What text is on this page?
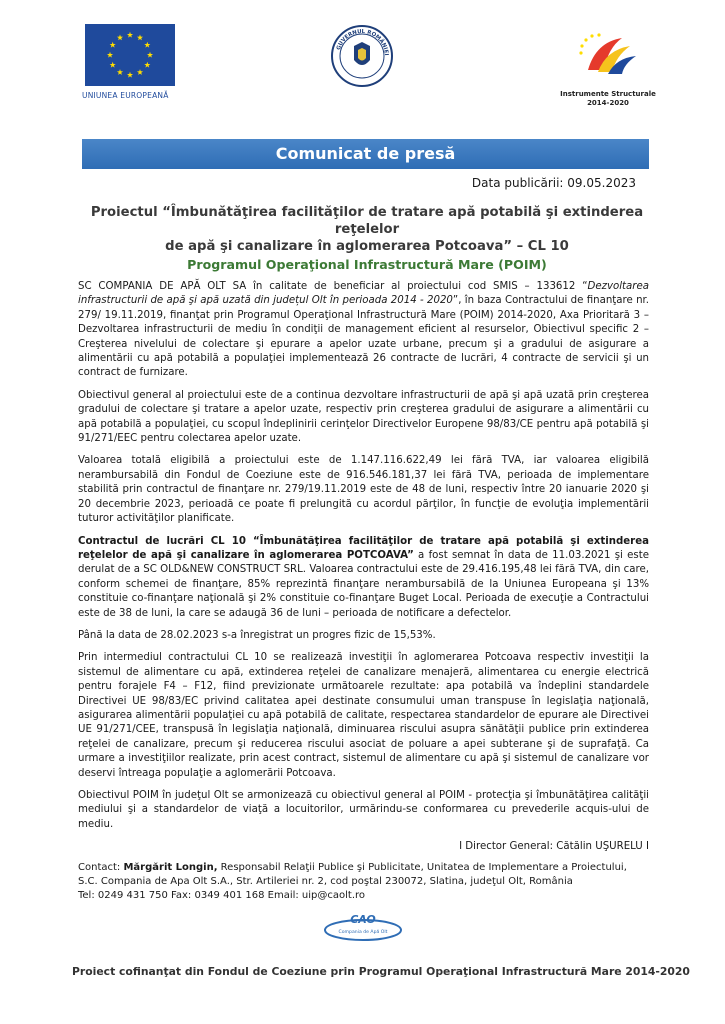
UNIUNEA EUROPEANĂ
GUVERNUL ROMÂNIEI
Instrumente Structurale
2014-2020
Comunicat de presă
Data publicării: 09.05.2023
Proiectul “Îmbunătăţirea facilităţilor de tratare apă potabilă şi extinderea reţelelor
de apă şi canalizare în aglomerarea Potcoava” – CL 10
Programul Operaţional Infrastructură Mare (POIM)

SC COMPANIA DE APĂ OLT SA în calitate de beneficiar al proiectului cod SMIS – 133612 “Dezvoltarea infrastructurii de apă şi apă uzată din județul Olt în perioada 2014 - 2020”, în baza Contractului de finanţare nr. 279/ 19.11.2019, finanţat prin Programul Operaţional Infrastructură Mare (POIM) 2014-2020, Axa Prioritară 3 – Dezvoltarea infrastructurii de mediu în condiţii de management eficient al resurselor, Obiectivul specific 2 – Creşterea nivelului de colectare şi epurare a apelor uzate urbane, precum şi a gradului de asigurare a alimentării cu apă potabilă a populaţiei implementează 26 contracte de lucrări, 4 contracte de servicii şi un contract de furnizare.

Obiectivul general al proiectului este de a continua dezvoltare infrastructurii de apă şi apă uzată prin creşterea gradului de colectare şi tratare a apelor uzate, respectiv prin creşterea gradului de asigurare a alimentării cu apă potabilă a populaţiei, cu scopul îndeplinirii cerinţelor Directivelor Europene 98/83/CE pentru apă potabilă şi 91/271/EEC pentru colectarea apelor uzate.

Valoarea totală eligibilă a proiectului este de 1.147.116.622,49 lei fără TVA, iar valoarea eligibilă nerambursabilă din Fondul de Coeziune este de 916.546.181,37 lei fără TVA, perioada de implementare stabilită prin contractul de finanţare nr. 279/19.11.2019 este de 48 de luni, respectiv între 20 ianuarie 2020 şi 20 decembrie 2023, perioadă ce poate fi prelungită cu acordul părţilor, în funcţie de evoluţia implementării tuturor activităţilor planificate.

Contractul de lucrări CL 10 “Îmbunătăţirea facilităţilor de tratare apă potabilă şi extinderea reţelelor de apă şi canalizare în aglomerarea POTCOAVA” a fost semnat în data de 11.03.2021 şi este derulat de a SC OLD&NEW CONSTRUCT SRL. Valoarea contractului este de 29.416.195,48 lei fără TVA, din care, conform schemei de finanţare, 85% reprezintă finanţare nerambursabilă de la Uniunea Europeana şi 13% constituie co-finanţare naţională şi 2% constituie co-finanţare Buget Local. Perioada de execuţie a Contractului este de 38 de luni, la care se adaugă 36 de luni – perioada de notificare a defectelor.

Până la data de 28.02.2023 s-a înregistrat un progres fizic de 15,53%.

Prin intermediul contractului CL 10 se realizează investiţii în aglomerarea Potcoava respectiv investiţii la sistemul de alimentare cu apă, extinderea reţelei de canalizare menajeră, alimentarea cu energie electrică pentru forajele F4 – F12, fiind previzionate următoarele rezultate: apa potabilă va îndeplini standardele Directivei UE 98/83/EC privind calitatea apei destinate consumului uman transpuse în legislaţia naţională, asigurarea alimentării populaţiei cu apă potabilă de calitate, respectarea standardelor de epurare ale Directivei UE 91/271/CEE, transpusă în legislaţia naţională, diminuarea riscului asupra sănătăţii publice prin extinderea reţelei de canalizare, precum şi reducerea riscului asociat de poluare a apei subterane şi de suprafaţă. Ca urmare a investiţiilor realizate, prin acest contract, sistemul de alimentare cu apă şi sistemul de canalizare vor deservi întreaga populaţie a aglomerării Potcoava.

Obiectivul POIM în judeţul Olt se armonizează cu obiectivul general al POIM - protecţia şi îmbunătăţirea calităţii mediului şi a standardelor de viaţă a locuitorilor, urmărindu-se conformarea cu prevederile acquis-ului de mediu.

I Director General: Cătălin UŞURELU I

Contact: Mărgărit Longin, Responsabil Relaţii Publice şi Publicitate, Unitatea de Implementare a Proiectului, S.C. Compania de Apa Olt S.A., Str. Artileriei nr. 2, cod poştal 230072, Slatina, judeţul Olt, România
Tel: 0249 431 750 Fax: 0349 401 168 Email: uip@caolt.ro
CAO
Compania de Apă Olt
Proiect cofinanţat din Fondul de Coeziune prin Programul Operaţional Infrastructură Mare 2014-2020
